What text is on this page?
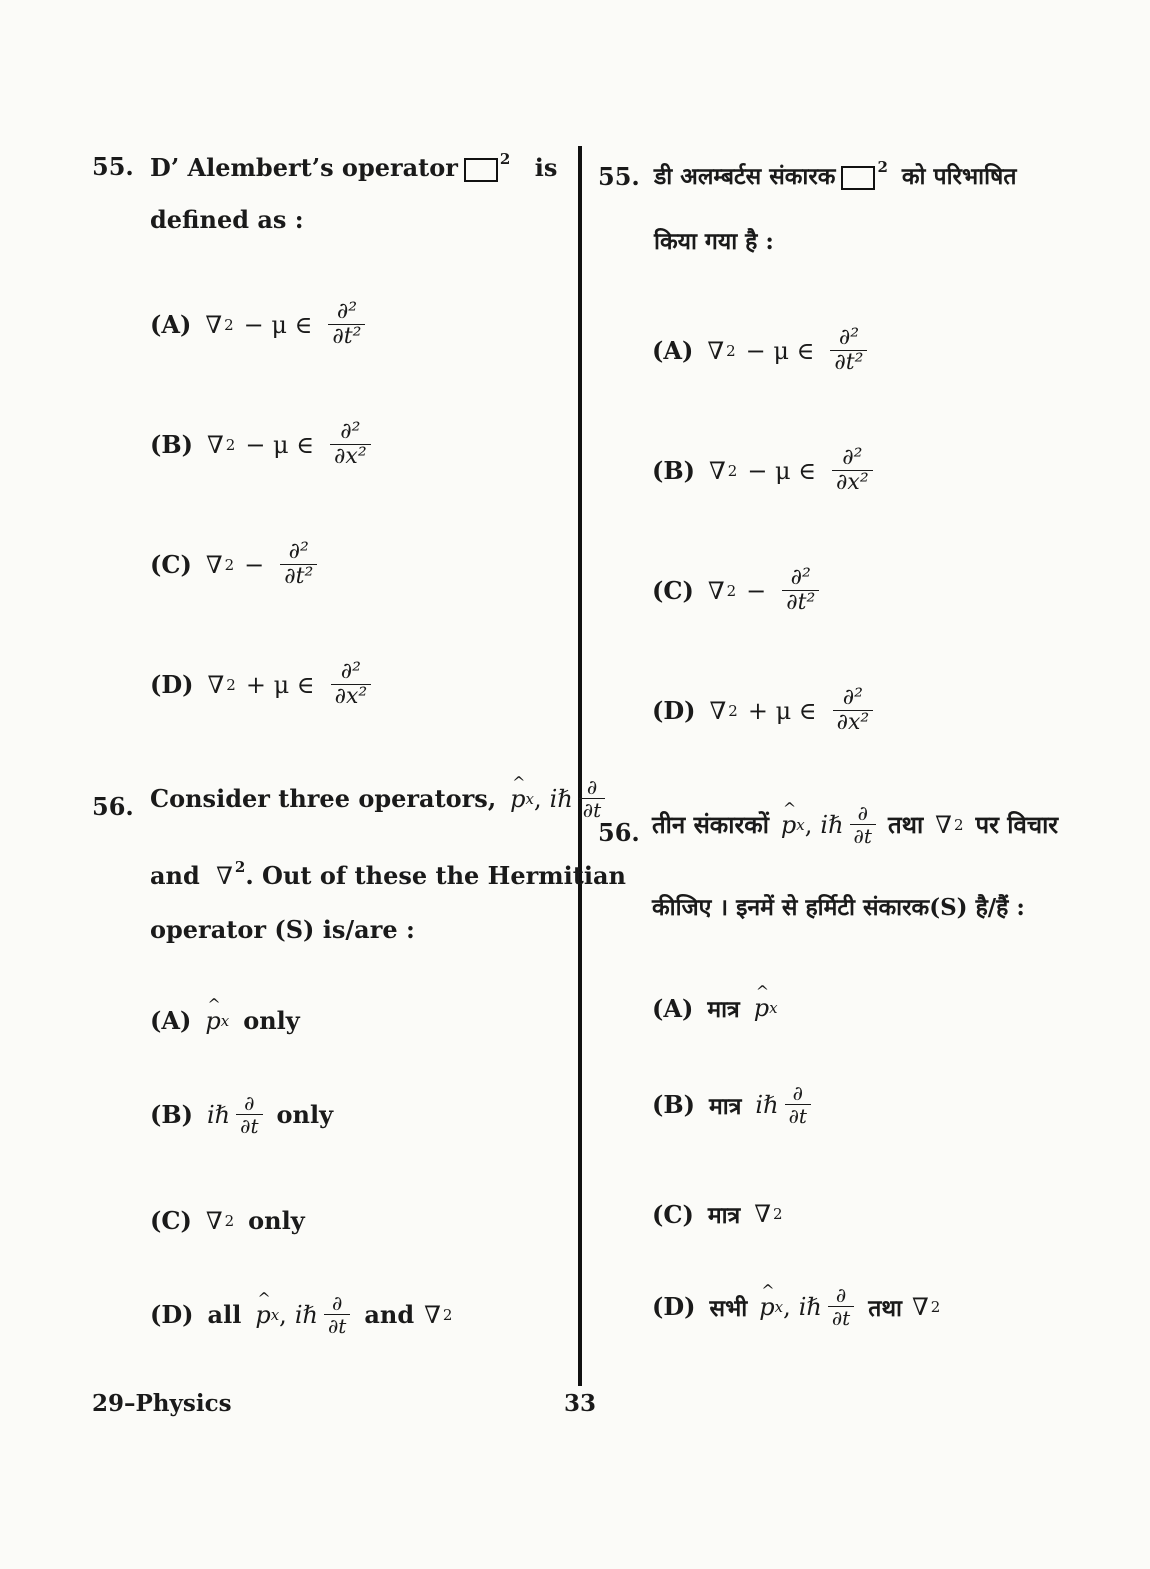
55. D’ Alembert’s operator	$^2$ is
defined as :
(A) ∇ 2 − μ ∈ $\frac{\text{∂²}}{\text{∂t²}}$
(B) ∇ 2 − μ ∈ $\frac{\text{∂²}}{\text{∂x²}}$
(C) ∇ $2 - \frac{\text{∂²}}{\text{∂t²}}$
(D) ∇ 2 + μ ∈ $\frac{\text{∂²}}{\text{∂x²}}$
56. Consider three operators, ^ p x , iℏ $\frac{\partial}{\partial t}$
and ∇ $^2$. Out of these the Hermitian
operator (S) is/are :
(A) ^ p x only
(B) iℏ $\frac{\partial}{\partial t}$ only
(C) ∇ 2 only
(D) all ^ p x , iℏ $\frac{\partial}{\partial t}$ and ∇ 2
55. डी अलम्बर्टस संकारक	$^2$ को परिभाषित
किया गया है :
(A) ∇ 2 − μ ∈ $\frac{\text{∂²}}{\text{∂t²}}$
(B) ∇ 2 − μ ∈ $\frac{\text{∂²}}{\text{∂x²}}$
(C) ∇ $2 - \frac{\text{∂²}}{\text{∂t²}}$
(D) ∇ 2 + μ ∈ $\frac{\text{∂²}}{\text{∂x²}}$
56. तीन संकारकों ^ p x , iℏ $\frac{\partial}{\partial t}$ तथा ∇ 2 पर विचार
कीजिए । इनमें से हर्मिटी संकारक(S) है/हैं :
(A) मात्र ^ p x
(B) मात्र iℏ $\frac{\partial}{\partial t}$
(C) मात्र ∇ 2
(D) सभी ^ p x , iℏ $\frac{\partial}{\partial t}$ तथा ∇ 2
29–Physics	33
